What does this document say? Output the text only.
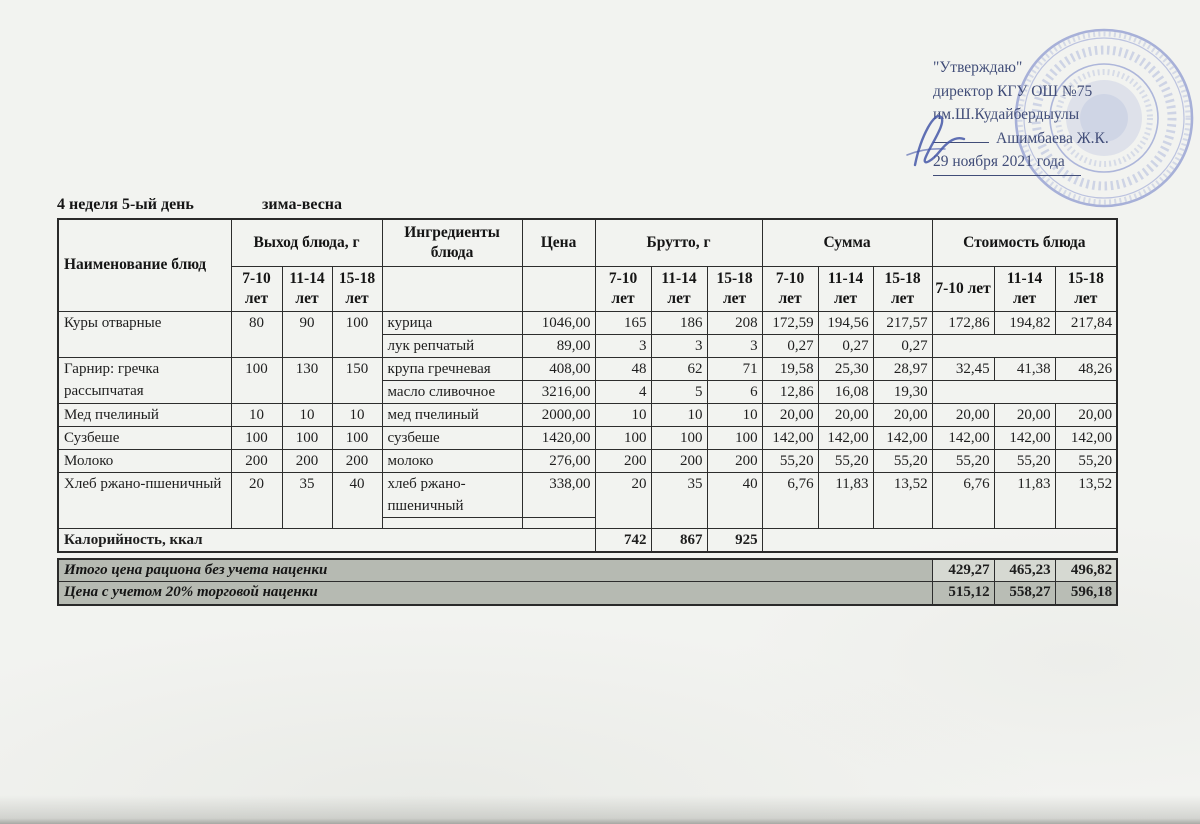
"Утверждаю"
директор КГУ ОШ №75
им.Ш.Кудайбердыулы
Ашимбаева Ж.К.
29 ноября 2021 года
4 неделя 5-ый день	зима-весна
Наименование блюд	Выход блюда, г			Ингредиенты блюда	Цена	Брутто, г			Сумма			Стоимость блюда		
	7-10 лет	11-14 лет	15-18 лет			7-10 лет	11-14 лет	15-18 лет	7-10 лет	11-14 лет	15-18 лет	7-10 лет	11-14 лет	15-18 лет
Куры отварные	80	90	100	курица	1046,00	165	186	208	172,59	194,56	217,57	172,86	194,82	217,84
				лук репчатый	89,00	3	3	3	0,27	0,27	0,27			
Гарнир: гречка рассыпчатая	100	130	150	крупа гречневая	408,00	48	62	71	19,58	25,30	28,97	32,45	41,38	48,26
				масло сливочное	3216,00	4	5	6	12,86	16,08	19,30			
Мед пчелиный	10	10	10	мед пчелиный	2000,00	10	10	10	20,00	20,00	20,00	20,00	20,00	20,00
Сузбеше	100	100	100	сузбеше	1420,00	100	100	100	142,00	142,00	142,00	142,00	142,00	142,00
Молоко	200	200	200	молоко	276,00	200	200	200	55,20	55,20	55,20	55,20	55,20	55,20
Хлеб ржано-пшеничный	20	35	40	хлеб ржано-пшеничный	338,00	20	35	40	6,76	11,83	13,52	6,76	11,83	13,52

Калорийность, ккал						742	867	925						
Итого цена рациона без учета наценки	429,27	465,23	496,82
Цена с учетом 20% торговой наценки	515,12	558,27	596,18
